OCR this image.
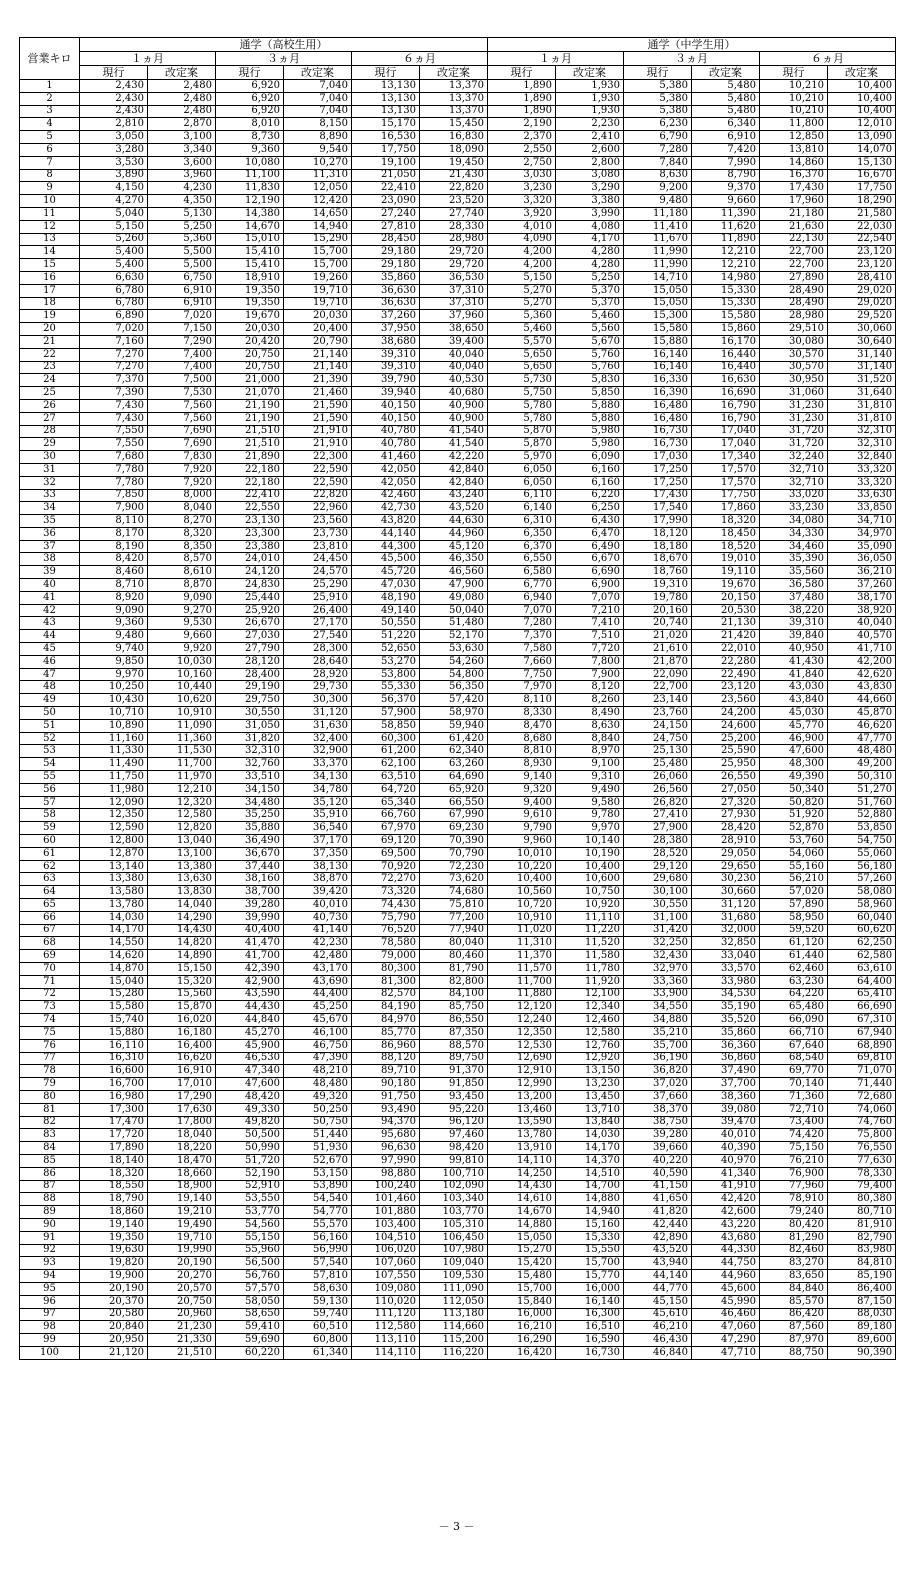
営業キロ	通学（高校生用）						通学（中学生用）					
	１ヵ月		３ヵ月		６ヵ月		１ヵ月		３ヵ月		６ヵ月	
	現行	改定案	現行	改定案	現行	改定案	現行	改定案	現行	改定案	現行	改定案
1	2,430	2,480	6,920	7,040	13,130	13,370	1,890	1,930	5,380	5,480	10,210	10,400
2	2,430	2,480	6,920	7,040	13,130	13,370	1,890	1,930	5,380	5,480	10,210	10,400
3	2,430	2,480	6,920	7,040	13,130	13,370	1,890	1,930	5,380	5,480	10,210	10,400
4	2,810	2,870	8,010	8,150	15,170	15,450	2,190	2,230	6,230	6,340	11,800	12,010
5	3,050	3,100	8,730	8,890	16,530	16,830	2,370	2,410	6,790	6,910	12,850	13,090
6	3,280	3,340	9,360	9,540	17,750	18,090	2,550	2,600	7,280	7,420	13,810	14,070
7	3,530	3,600	10,080	10,270	19,100	19,450	2,750	2,800	7,840	7,990	14,860	15,130
8	3,890	3,960	11,100	11,310	21,050	21,430	3,030	3,080	8,630	8,790	16,370	16,670
9	4,150	4,230	11,830	12,050	22,410	22,820	3,230	3,290	9,200	9,370	17,430	17,750
10	4,270	4,350	12,190	12,420	23,090	23,520	3,320	3,380	9,480	9,660	17,960	18,290
11	5,040	5,130	14,380	14,650	27,240	27,740	3,920	3,990	11,180	11,390	21,180	21,580
12	5,150	5,250	14,670	14,940	27,810	28,330	4,010	4,080	11,410	11,620	21,630	22,030
13	5,260	5,360	15,010	15,290	28,450	28,980	4,090	4,170	11,670	11,890	22,130	22,540
14	5,400	5,500	15,410	15,700	29,180	29,720	4,200	4,280	11,990	12,210	22,700	23,120
15	5,400	5,500	15,410	15,700	29,180	29,720	4,200	4,280	11,990	12,210	22,700	23,120
16	6,630	6,750	18,910	19,260	35,860	36,530	5,150	5,250	14,710	14,980	27,890	28,410
17	6,780	6,910	19,350	19,710	36,630	37,310	5,270	5,370	15,050	15,330	28,490	29,020
18	6,780	6,910	19,350	19,710	36,630	37,310	5,270	5,370	15,050	15,330	28,490	29,020
19	6,890	7,020	19,670	20,030	37,260	37,960	5,360	5,460	15,300	15,580	28,980	29,520
20	7,020	7,150	20,030	20,400	37,950	38,650	5,460	5,560	15,580	15,860	29,510	30,060
21	7,160	7,290	20,420	20,790	38,680	39,400	5,570	5,670	15,880	16,170	30,080	30,640
22	7,270	7,400	20,750	21,140	39,310	40,040	5,650	5,760	16,140	16,440	30,570	31,140
23	7,270	7,400	20,750	21,140	39,310	40,040	5,650	5,760	16,140	16,440	30,570	31,140
24	7,370	7,500	21,000	21,390	39,790	40,530	5,730	5,830	16,330	16,630	30,950	31,520
25	7,390	7,530	21,070	21,460	39,940	40,680	5,750	5,850	16,390	16,690	31,060	31,640
26	7,430	7,560	21,190	21,590	40,150	40,900	5,780	5,880	16,480	16,790	31,230	31,810
27	7,430	7,560	21,190	21,590	40,150	40,900	5,780	5,880	16,480	16,790	31,230	31,810
28	7,550	7,690	21,510	21,910	40,780	41,540	5,870	5,980	16,730	17,040	31,720	32,310
29	7,550	7,690	21,510	21,910	40,780	41,540	5,870	5,980	16,730	17,040	31,720	32,310
30	7,680	7,830	21,890	22,300	41,460	42,220	5,970	6,090	17,030	17,340	32,240	32,840
31	7,780	7,920	22,180	22,590	42,050	42,840	6,050	6,160	17,250	17,570	32,710	33,320
32	7,780	7,920	22,180	22,590	42,050	42,840	6,050	6,160	17,250	17,570	32,710	33,320
33	7,850	8,000	22,410	22,820	42,460	43,240	6,110	6,220	17,430	17,750	33,020	33,630
34	7,900	8,040	22,550	22,960	42,730	43,520	6,140	6,250	17,540	17,860	33,230	33,850
35	8,110	8,270	23,130	23,560	43,820	44,630	6,310	6,430	17,990	18,320	34,080	34,710
36	8,170	8,320	23,300	23,730	44,140	44,960	6,350	6,470	18,120	18,450	34,330	34,970
37	8,190	8,350	23,380	23,810	44,300	45,120	6,370	6,490	18,180	18,520	34,460	35,090
38	8,420	8,570	24,010	24,450	45,500	46,350	6,550	6,670	18,670	19,010	35,390	36,050
39	8,460	8,610	24,120	24,570	45,720	46,560	6,580	6,690	18,760	19,110	35,560	36,210
40	8,710	8,870	24,830	25,290	47,030	47,900	6,770	6,900	19,310	19,670	36,580	37,260
41	8,920	9,090	25,440	25,910	48,190	49,080	6,940	7,070	19,780	20,150	37,480	38,170
42	9,090	9,270	25,920	26,400	49,140	50,040	7,070	7,210	20,160	20,530	38,220	38,920
43	9,360	9,530	26,670	27,170	50,550	51,480	7,280	7,410	20,740	21,130	39,310	40,040
44	9,480	9,660	27,030	27,540	51,220	52,170	7,370	7,510	21,020	21,420	39,840	40,570
45	9,740	9,920	27,790	28,300	52,650	53,630	7,580	7,720	21,610	22,010	40,950	41,710
46	9,850	10,030	28,120	28,640	53,270	54,260	7,660	7,800	21,870	22,280	41,430	42,200
47	9,970	10,160	28,400	28,920	53,800	54,800	7,750	7,900	22,090	22,490	41,840	42,620
48	10,250	10,440	29,190	29,730	55,330	56,350	7,970	8,120	22,700	23,120	43,030	43,830
49	10,430	10,620	29,750	30,300	56,370	57,420	8,110	8,260	23,140	23,560	43,840	44,660
50	10,710	10,910	30,550	31,120	57,900	58,970	8,330	8,490	23,760	24,200	45,030	45,870
51	10,890	11,090	31,050	31,630	58,850	59,940	8,470	8,630	24,150	24,600	45,770	46,620
52	11,160	11,360	31,820	32,400	60,300	61,420	8,680	8,840	24,750	25,200	46,900	47,770
53	11,330	11,530	32,310	32,900	61,200	62,340	8,810	8,970	25,130	25,590	47,600	48,480
54	11,490	11,700	32,760	33,370	62,100	63,260	8,930	9,100	25,480	25,950	48,300	49,200
55	11,750	11,970	33,510	34,130	63,510	64,690	9,140	9,310	26,060	26,550	49,390	50,310
56	11,980	12,210	34,150	34,780	64,720	65,920	9,320	9,490	26,560	27,050	50,340	51,270
57	12,090	12,320	34,480	35,120	65,340	66,550	9,400	9,580	26,820	27,320	50,820	51,760
58	12,350	12,580	35,250	35,910	66,760	67,990	9,610	9,780	27,410	27,930	51,920	52,880
59	12,590	12,820	35,880	36,540	67,970	69,230	9,790	9,970	27,900	28,420	52,870	53,850
60	12,800	13,040	36,490	37,170	69,120	70,390	9,960	10,140	28,380	28,910	53,760	54,750
61	12,870	13,100	36,670	37,350	69,500	70,790	10,010	10,190	28,520	29,050	54,060	55,060
62	13,140	13,380	37,440	38,130	70,920	72,230	10,220	10,400	29,120	29,650	55,160	56,180
63	13,380	13,630	38,160	38,870	72,270	73,620	10,400	10,600	29,680	30,230	56,210	57,260
64	13,580	13,830	38,700	39,420	73,320	74,680	10,560	10,750	30,100	30,660	57,020	58,080
65	13,780	14,040	39,280	40,010	74,430	75,810	10,720	10,920	30,550	31,120	57,890	58,960
66	14,030	14,290	39,990	40,730	75,790	77,200	10,910	11,110	31,100	31,680	58,950	60,040
67	14,170	14,430	40,400	41,140	76,520	77,940	11,020	11,220	31,420	32,000	59,520	60,620
68	14,550	14,820	41,470	42,230	78,580	80,040	11,310	11,520	32,250	32,850	61,120	62,250
69	14,620	14,890	41,700	42,480	79,000	80,460	11,370	11,580	32,430	33,040	61,440	62,580
70	14,870	15,150	42,390	43,170	80,300	81,790	11,570	11,780	32,970	33,570	62,460	63,610
71	15,040	15,320	42,900	43,690	81,300	82,800	11,700	11,920	33,360	33,980	63,230	64,400
72	15,280	15,560	43,590	44,400	82,570	84,100	11,880	12,100	33,900	34,530	64,220	65,410
73	15,580	15,870	44,430	45,250	84,190	85,750	12,120	12,340	34,550	35,190	65,480	66,690
74	15,740	16,020	44,840	45,670	84,970	86,550	12,240	12,460	34,880	35,520	66,090	67,310
75	15,880	16,180	45,270	46,100	85,770	87,350	12,350	12,580	35,210	35,860	66,710	67,940
76	16,110	16,400	45,900	46,750	86,960	88,570	12,530	12,760	35,700	36,360	67,640	68,890
77	16,310	16,620	46,530	47,390	88,120	89,750	12,690	12,920	36,190	36,860	68,540	69,810
78	16,600	16,910	47,340	48,210	89,710	91,370	12,910	13,150	36,820	37,490	69,770	71,070
79	16,700	17,010	47,600	48,480	90,180	91,850	12,990	13,230	37,020	37,700	70,140	71,440
80	16,980	17,290	48,420	49,320	91,750	93,450	13,200	13,450	37,660	38,360	71,360	72,680
81	17,300	17,630	49,330	50,250	93,490	95,220	13,460	13,710	38,370	39,080	72,710	74,060
82	17,470	17,800	49,820	50,750	94,370	96,120	13,590	13,840	38,750	39,470	73,400	74,760
83	17,720	18,040	50,500	51,440	95,680	97,460	13,780	14,030	39,280	40,010	74,420	75,800
84	17,890	18,220	50,990	51,930	96,630	98,420	13,910	14,170	39,660	40,390	75,150	76,550
85	18,140	18,470	51,720	52,670	97,990	99,810	14,110	14,370	40,220	40,970	76,210	77,630
86	18,320	18,660	52,190	53,150	98,880	100,710	14,250	14,510	40,590	41,340	76,900	78,330
87	18,550	18,900	52,910	53,890	100,240	102,090	14,430	14,700	41,150	41,910	77,960	79,400
88	18,790	19,140	53,550	54,540	101,460	103,340	14,610	14,880	41,650	42,420	78,910	80,380
89	18,860	19,210	53,770	54,770	101,880	103,770	14,670	14,940	41,820	42,600	79,240	80,710
90	19,140	19,490	54,560	55,570	103,400	105,310	14,880	15,160	42,440	43,220	80,420	81,910
91	19,350	19,710	55,150	56,160	104,510	106,450	15,050	15,330	42,890	43,680	81,290	82,790
92	19,630	19,990	55,960	56,990	106,020	107,980	15,270	15,550	43,520	44,330	82,460	83,980
93	19,820	20,190	56,500	57,540	107,060	109,040	15,420	15,700	43,940	44,750	83,270	84,810
94	19,900	20,270	56,760	57,810	107,550	109,530	15,480	15,770	44,140	44,960	83,650	85,190
95	20,190	20,570	57,570	58,630	109,080	111,090	15,700	16,000	44,770	45,600	84,840	86,400
96	20,370	20,750	58,050	59,130	110,020	112,050	15,840	16,140	45,150	45,990	85,570	87,150
97	20,580	20,960	58,650	59,740	111,120	113,180	16,000	16,300	45,610	46,460	86,420	88,030
98	20,840	21,230	59,410	60,510	112,580	114,660	16,210	16,510	46,210	47,060	87,560	89,180
99	20,950	21,330	59,690	60,800	113,110	115,200	16,290	16,590	46,430	47,290	87,970	89,600
100	21,120	21,510	60,220	61,340	114,110	116,220	16,420	16,730	46,840	47,710	88,750	90,390
－ 3 －
